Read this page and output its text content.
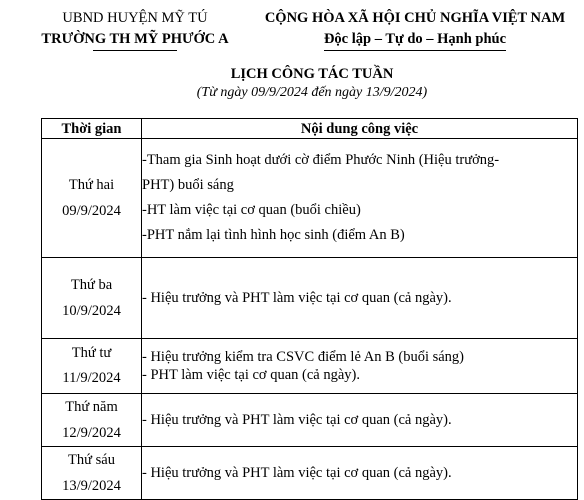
UBND HUYỆN MỸ TÚ
TRƯỜNG TH MỸ PHƯỚC A
CỘNG HÒA XÃ HỘI CHỦ NGHĨA VIỆT NAM
Độc lập – Tự do – Hạnh phúc
LỊCH CÔNG TÁC TUẦN
(Từ ngày 09/9/2024 đến ngày 13/9/2024)
Thời gian	Nội dung công việc

Thứ hai
09/9/2024	-Tham gia Sinh hoạt dưới cờ điểm Phước Ninh (Hiệu trưởng-
PHT) buổi sáng
-HT làm việc tại cơ quan (buổi chiều)
-PHT nắm lại tình hình học sinh (điểm An B)

Thứ ba
10/9/2024	- Hiệu trưởng và PHT làm việc tại cơ quan (cả ngày).

Thứ tư
11/9/2024	- Hiệu trưởng kiểm tra CSVC điểm lẻ An B (buổi sáng)
- PHT làm việc tại cơ quan (cả ngày).

Thứ năm
12/9/2024	- Hiệu trưởng và PHT làm việc tại cơ quan (cả ngày).

Thứ sáu
13/9/2024	- Hiệu trưởng và PHT làm việc tại cơ quan (cả ngày).
